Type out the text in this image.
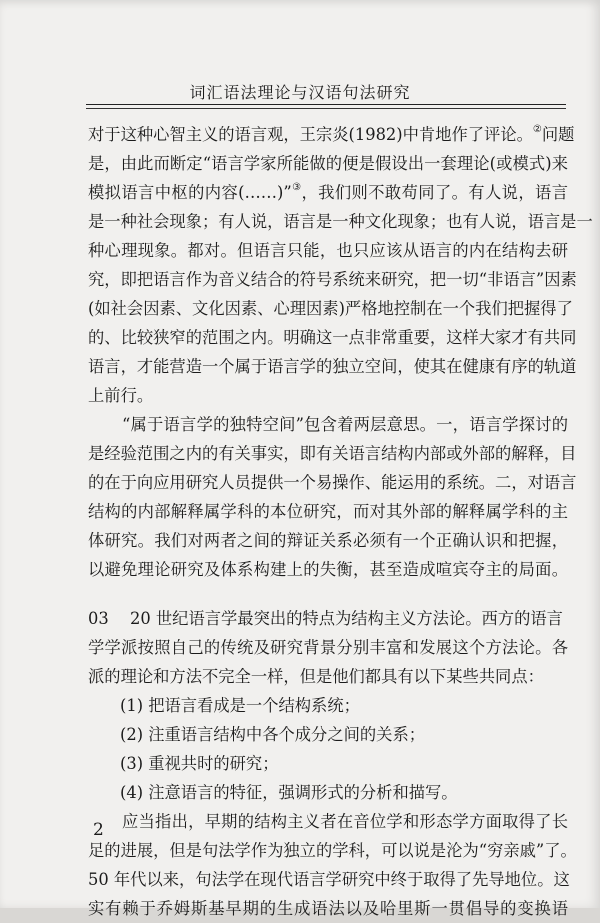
词汇语法理论与汉语句法研究
对于这种心智主义的语言观，王宗炎(1982)中肯地作了评论。②问题
是，由此而断定“语言学家所能做的便是假设出一套理论(或模式)来
模拟语言中枢的内容(……)”③，我们则不敢苟同了。有人说，语言
是一种社会现象；有人说，语言是一种文化现象；也有人说，语言是一
种心理现象。都对。但语言只能，也只应该从语言的内在结构去研
究，即把语言作为音义结合的符号系统来研究，把一切“非语言”因素
(如社会因素、文化因素、心理因素)严格地控制在一个我们把握得了
的、比较狭窄的范围之内。明确这一点非常重要，这样大家才有共同
语言，才能营造一个属于语言学的独立空间，使其在健康有序的轨道
上前行。
“属于语言学的独特空间”包含着两层意思。一，语言学探讨的
是经验范围之内的有关事实，即有关语言结构内部或外部的解释，目
的在于向应用研究人员提供一个易操作、能运用的系统。二，对语言
结构的内部解释属学科的本位研究，而对其外部的解释属学科的主
体研究。我们对两者之间的辩证关系必须有一个正确认识和把握，
以避免理论研究及体系构建上的失衡，甚至造成喧宾夺主的局面。
03 20 世纪语言学最突出的特点为结构主义方法论。西方的语言
学学派按照自己的传统及研究背景分别丰富和发展这个方法论。各
派的理论和方法不完全一样，但是他们都具有以下某些共同点：
(1) 把语言看成是一个结构系统；
(2) 注重语言结构中各个成分之间的关系；
(3) 重视共时的研究；
(4) 注意语言的特征，强调形式的分析和描写。
应当指出，早期的结构主义者在音位学和形态学方面取得了长
足的进展，但是句法学作为独立的学科，可以说是沦为“穷亲戚”了。
50 年代以来，句法学在现代语言学研究中终于取得了先导地位。这
实有赖于乔姆斯基早期的生成语法以及哈里斯一贯倡导的变换语
2
